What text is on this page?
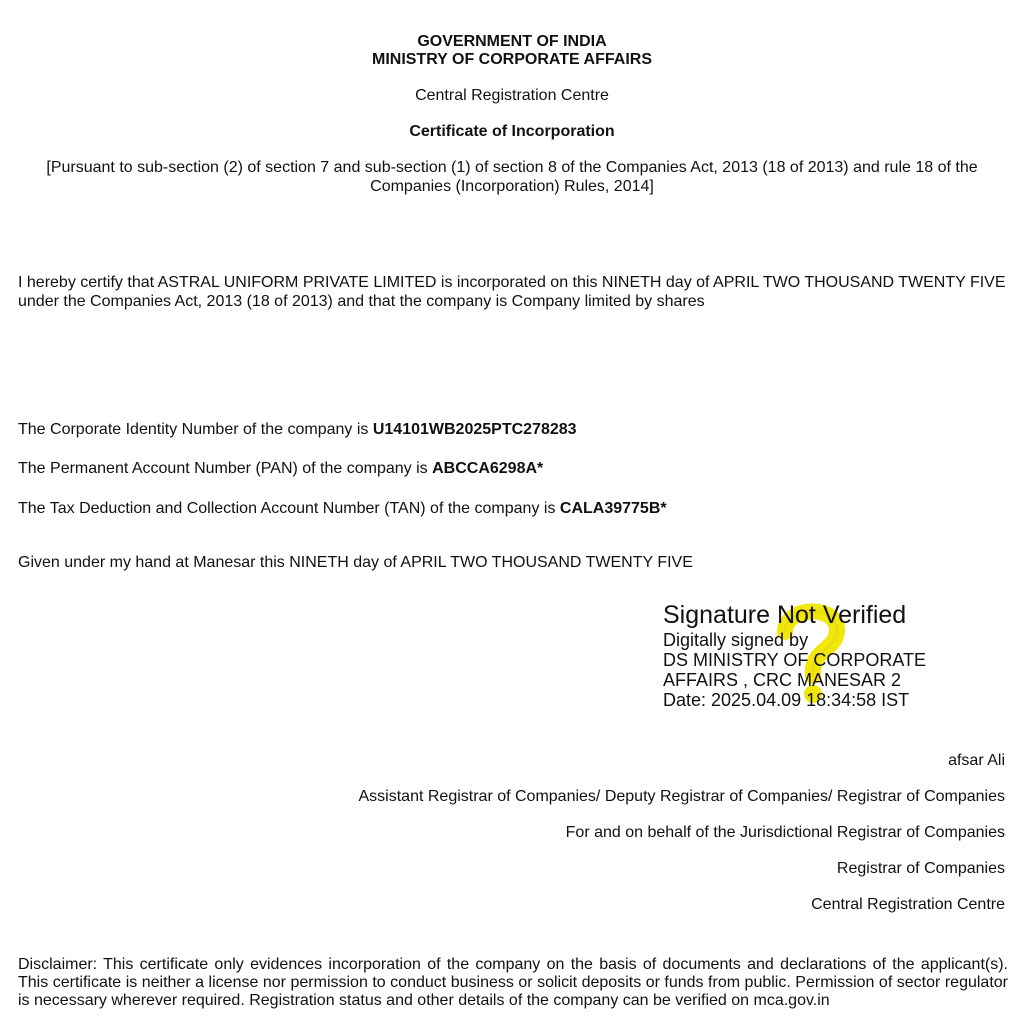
GOVERNMENT OF INDIA
MINISTRY OF CORPORATE AFFAIRS
Central Registration Centre
Certificate of Incorporation
[Pursuant to sub-section (2) of section 7 and sub-section (1) of section 8 of the Companies Act, 2013 (18 of 2013) and rule 18 of the Companies (Incorporation) Rules, 2014]
I hereby certify that ASTRAL UNIFORM PRIVATE LIMITED is incorporated on this NINETH day of APRIL TWO THOUSAND TWENTY FIVE under the Companies Act, 2013 (18 of 2013) and that the company is Company limited by shares
The Corporate Identity Number of the company is U14101WB2025PTC278283
The Permanent Account Number (PAN) of the company is ABCCA6298A*
The Tax Deduction and Collection Account Number (TAN) of the company is CALA39775B*
Given under my hand at Manesar this NINETH day of APRIL TWO THOUSAND TWENTY FIVE
Signature Not Verified
Digitally signed by
DS MINISTRY OF CORPORATE
AFFAIRS , CRC MANESAR 2
Date: 2025.04.09 18:34:58 IST
afsar Ali
Assistant Registrar of Companies/ Deputy Registrar of Companies/ Registrar of Companies
For and on behalf of the Jurisdictional Registrar of Companies
Registrar of Companies
Central Registration Centre
Disclaimer: This certificate only evidences incorporation of the company on the basis of documents and declarations of the applicant(s). This certificate is neither a license nor permission to conduct business or solicit deposits or funds from public. Permission of sector regulator is necessary wherever required. Registration status and other details of the company can be verified on mca.gov.in
